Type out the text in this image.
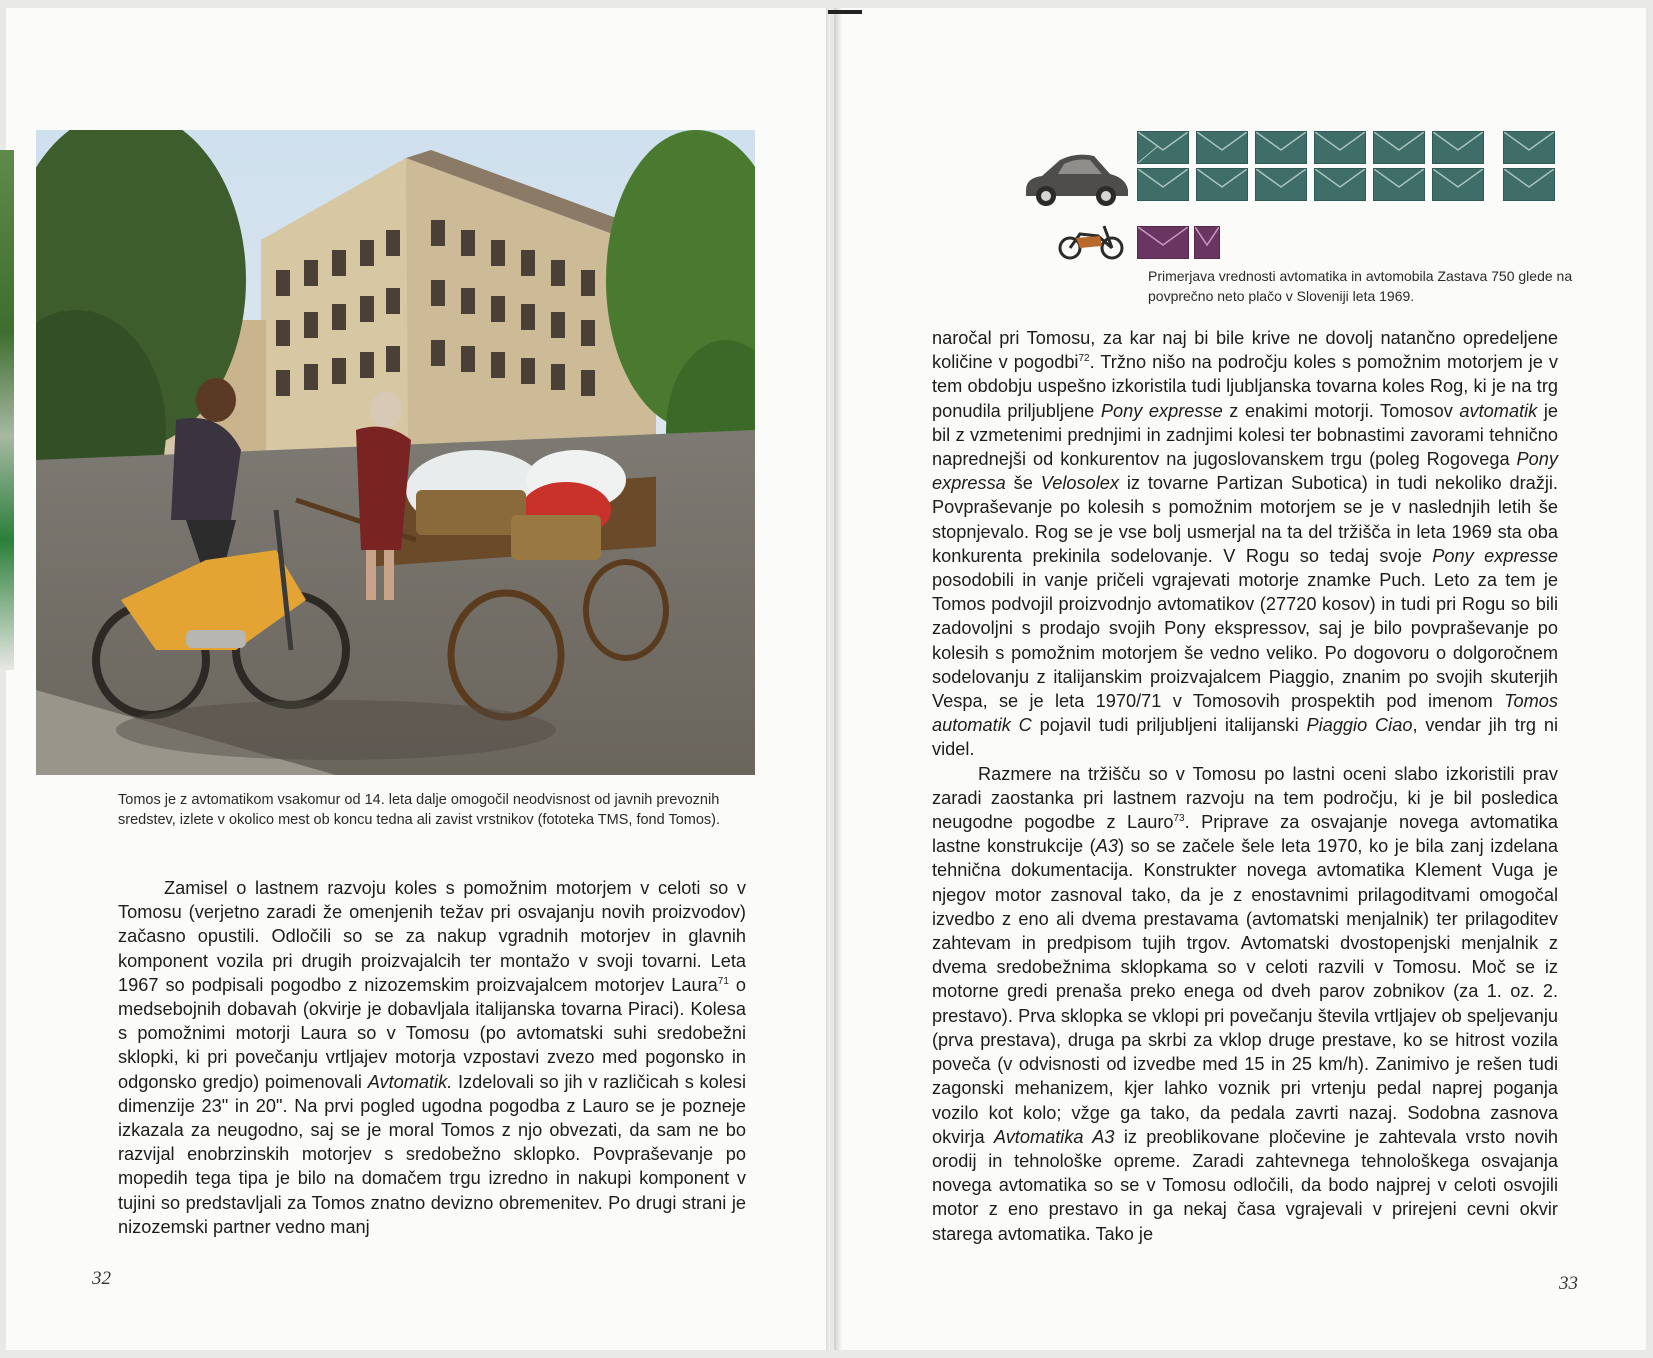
Tomos je z avtomatikom vsakomur od 14. leta dalje omogočil neodvisnost od javnih prevoznih sredstev, izlete v okolico mest ob koncu tedna ali zavist vrstnikov (fototeka TMS, fond Tomos).

Zamisel o lastnem razvoju koles s pomožnim motorjem v celoti so v Tomosu (verjetno zaradi že omenjenih težav pri osvajanju novih proizvodov) začasno opustili. Odločili so se za nakup vgradnih motorjev in glavnih komponent vozila pri drugih proizvajalcih ter montažo v svoji tovarni. Leta 1967 so podpisali pogodbo z nizozemskim proizvajalcem motorjev Laura$^{71}$ o medsebojnih dobavah (okvirje je dobavljala italijanska tovarna Piraci). Kolesa s pomožnimi motorji Laura so v Tomosu (po avtomatski suhi sredobežni sklopki, ki pri povečanju vrtljajev motorja vzpostavi zvezo med pogonsko in odgonsko gredjo) poimenovali Avtomatik. Izdelovali so jih v različicah s kolesi dimenzije 23" in 20". Na prvi pogled ugodna pogodba z Lauro se je pozneje izkazala za neugodno, saj se je moral Tomos z njo obvezati, da sam ne bo razvijal enobrzinskih motorjev s sredobežno sklopko. Povpraševanje po mopedih tega tipa je bilo na domačem trgu izredno in nakupi komponent v tujini so predstavljali za Tomos znatno devizno obremenitev. Po drugi strani je nizozemski partner vedno manj

32
Primerjava vrednosti avtomatika in avtomobila Zastava 750 glede na povprečno neto plačo v Sloveniji leta 1969.

naročal pri Tomosu, za kar naj bi bile krive ne dovolj natančno opredeljene količine v pogodbi$^{72}$. Tržno nišo na področju koles s pomožnim motorjem je v tem obdobju uspešno izkoristila tudi ljubljanska tovarna koles Rog, ki je na trg ponudila priljubljene Pony expresse z enakimi motorji. Tomosov avtomatik je bil z vzmetenimi prednjimi in zadnjimi kolesi ter bobnastimi zavorami tehnično naprednejši od konkurentov na jugoslovanskem trgu (poleg Rogovega Pony expressa še Velosolex iz tovarne Partizan Subotica) in tudi nekoliko dražji. Povpraševanje po kolesih s pomožnim motorjem se je v naslednjih letih še stopnjevalo. Rog se je vse bolj usmerjal na ta del tržišča in leta 1969 sta oba konkurenta prekinila sodelovanje. V Rogu so tedaj svoje Pony expresse posodobili in vanje pričeli vgrajevati motorje znamke Puch. Leto za tem je Tomos podvojil proizvodnjo avtomatikov (27720 kosov) in tudi pri Rogu so bili zadovoljni s prodajo svojih Pony ekspressov, saj je bilo povpraševanje po kolesih s pomožnim motorjem še vedno veliko. Po dogovoru o dolgoročnem sodelovanju z italijanskim proizvajalcem Piaggio, znanim po svojih skuterjih Vespa, se je leta 1970/71 v Tomosovih prospektih pod imenom Tomos automatik C pojavil tudi priljubljeni italijanski Piaggio Ciao, vendar jih trg ni videl.

Razmere na tržišču so v Tomosu po lastni oceni slabo izkoristili prav zaradi zaostanka pri lastnem razvoju na tem področju, ki je bil posledica neugodne pogodbe z Lauro$^{73}$. Priprave za osvajanje novega avtomatika lastne konstrukcije (A3) so se začele šele leta 1970, ko je bila zanj izdelana tehnična dokumentacija. Konstrukter novega avtomatika Klement Vuga je njegov motor zasnoval tako, da je z enostavnimi prilagoditvami omogočal izvedbo z eno ali dvema prestavama (avtomatski menjalnik) ter prilagoditev zahtevam in predpisom tujih trgov. Avtomatski dvostopenjski menjalnik z dvema sredobežnima sklopkama so v celoti razvili v Tomosu. Moč se iz motorne gredi prenaša preko enega od dveh parov zobnikov (za 1. oz. 2. prestavo). Prva sklopka se vklopi pri povečanju števila vrtljajev ob speljevanju (prva prestava), druga pa skrbi za vklop druge prestave, ko se hitrost vozila poveča (v odvisnosti od izvedbe med 15 in 25 km/h). Zanimivo je rešen tudi zagonski mehanizem, kjer lahko voznik pri vrtenju pedal naprej poganja vozilo kot kolo; vžge ga tako, da pedala zavrti nazaj. Sodobna zasnova okvirja Avtomatika A3 iz preoblikovane pločevine je zahtevala vrsto novih orodij in tehnološke opreme. Zaradi zahtevnega tehnološkega osvajanja novega avtomatika so se v Tomosu odločili, da bodo najprej v celoti osvojili motor z eno prestavo in ga nekaj časa vgrajevali v prirejeni cevni okvir starega avtomatika. Tako je

33
